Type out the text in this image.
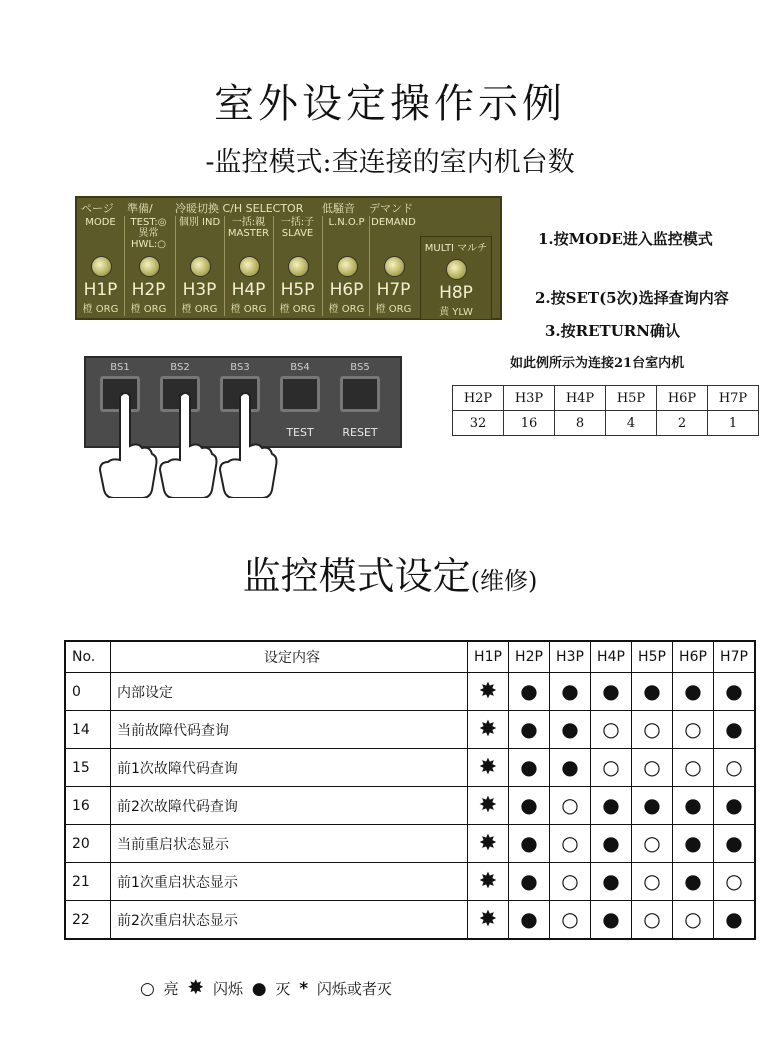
室外设定操作示例
-监控模式:查连接的室内机台数
ページ 準備/ 冷暖切換 C/H SELECTOR 低騒音 デマンド
MODE
H1P
橙 ORG
TEST:◎ 異常 HWL:○
H2P
橙 ORG
個別 IND
H3P
橙 ORG
一括:親 MASTER
H4P
橙 ORG
一括:子 SLAVE
H5P
橙 ORG
L.N.O.P
H6P
橙 ORG
DEMAND
H7P
橙 ORG
MULTI マルチ
H8P
黄 YLW
BS1	BS2	BS3	BS4
TEST
BS5
RESET
1.按MODE进入监控模式
2.按SET(5次)选择查询内容
3.按RETURN确认
如此例所示为连接21台室内机
H2P	H3P	H4P	H5P	H6P	H7P
32	16	8	4	2	1
监控模式设定(维修)
No.	设定内容	H1P	H2P	H3P	H4P	H5P	H6P	H7P
0	内部设定	✸	●	●	●	●	●	●
14	当前故障代码查询	✸	●	●	○	○	○	●
15	前1次故障代码查询	✸	●	●	○	○	○	○
16	前2次故障代码查询	✸	●	○	●	●	●	●
20	当前重启状态显示	✸	●	○	●	○	●	●
21	前1次重启状态显示	✸	●	○	●	○	●	○
22	前2次重启状态显示	✸	●	○	●	○	○	●
○ 亮 ✸ 闪烁 ● 灭 * 闪烁或者灭
